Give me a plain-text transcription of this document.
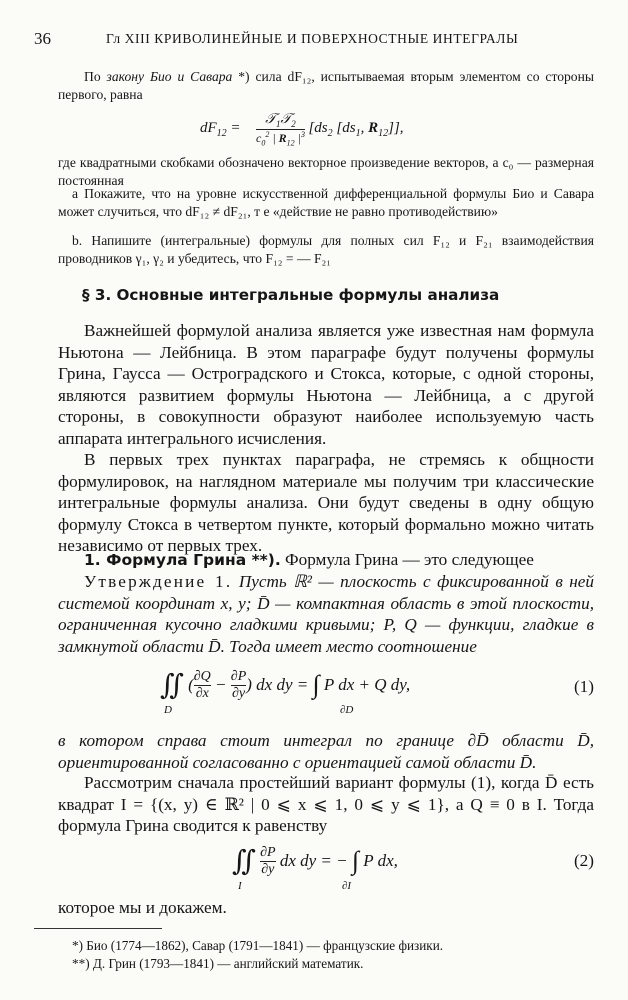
36	Гл XIII КРИВОЛИНЕЙНЫЕ И ПОВЕРХНОСТНЫЕ ИНТЕГРАЛЫ

По закону Био и Савара *) сила dF₁₂, испытываемая вторым элементом со стороны первого, равна

$dF_{12}$ =
𝒯$_1$𝒯$_2$
$c_0^2$ | $R_{12}$ $|^3$ [$ds_2$ [$ds_1$, $R_{12}$]],

где квадратными скобками обозначено векторное произведение векторов, а c₀ — размерная постоянная

a Покажите, что на уровне искусственной дифференциальной формулы Био и Савара может случиться, что dF₁₂ ≠ dF₂₁, т е «действие не равно противодействию»

b. Напишите (интегральные) формулы для полных сил F₁₂ и F₂₁ взаимодействия проводников γ₁, γ₂ и убедитесь, что F₁₂ = — F₂₁

§ 3. Основные интегральные формулы анализа

Важнейшей формулой анализа является уже известная нам формула Ньютона — Лейбница. В этом параграфе будут получены формулы Грина, Гаусса — Остроградского и Стокса, которые, с одной стороны, являются развитием формулы Ньютона — Лейбница, а с другой стороны, в совокупности образуют наиболее используемую часть аппарата интегрального исчисления.

В первых трех пунктах параграфа, не стремясь к общности формулировок, на наглядном материале мы получим три классические интегральные формулы анализа. Они будут сведены в одну общую формулу Стокса в четвертом пункте, который формально можно читать независимо от первых трех.

1. Формула Грина **). Формула Грина — это следующее

Утверждение 1. Пусть ℝ² — плоскость с фиксированной в ней системой координат x, y; D̄ — компактная область в этой плоскости, ограниченная кусочно гладкими кривыми; P, Q — функции, гладкие в замкнутой области D̄. Тогда имеет место соотношение

∬ ( $\frac{\partial Q}{\partial x} - \frac{\partial P}{\partial y}$ ) dx dy = ∫ P dx + Q dy,
D	∂D
(1)

в котором справа стоит интеграл по границе ∂D̄ области D̄, ориентированной согласованно с ориентацией самой области D̄.

Рассмотрим сначала простейший вариант формулы (1), когда D̄ есть квадрат I = {(x, y) ∈ ℝ² | 0 ⩽ x ⩽ 1, 0 ⩽ y ⩽ 1}, а Q ≡ 0 в I. Тогда формула Грина сводится к равенству

∬ $\frac{\partial P}{\partial y}$ dx dy = − ∫ P dx,
I	∂I
(2)

которое мы и докажем.

*) Био (1774—1862), Савар (1791—1841) — французские физики.
**) Д. Грин (1793—1841) — английский математик.
